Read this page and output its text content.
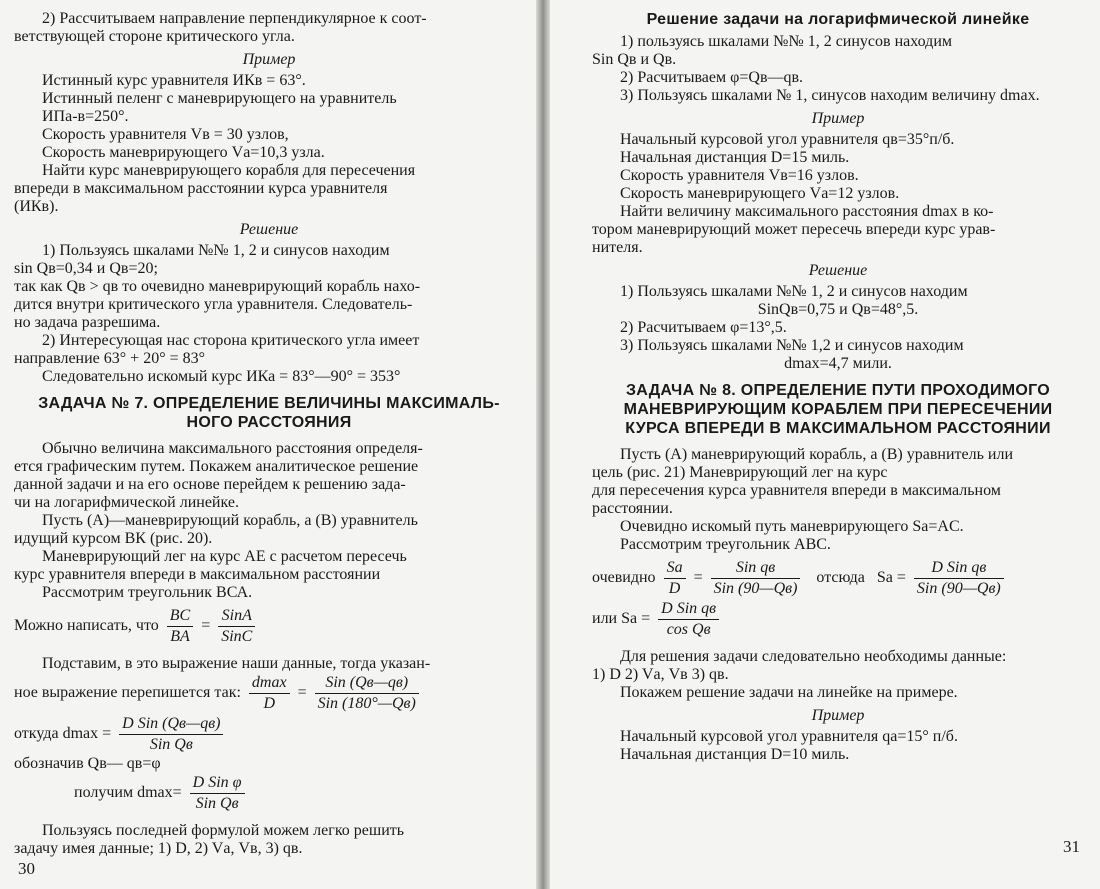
2) Рассчитываем направление перпендикулярное к соот-

ветствующей стороне критического угла.

Пример

Истинный курс уравнителя ИКв = 63°.

Истинный пеленг с маневрирующего на уравнитель

ИПа-в=250°.

Скорость уравнителя Vв = 30 узлов,

Скорость маневрирующего Vа=10,3 узла.

Найти курс маневрирующего корабля для пересечения

впереди в максимальном расстоянии курса уравнителя

(ИКв).

Решение

1) Пользуясь шкалами №№ 1, 2 и синусов находим

sin Qв=0,34 и Qв=20;

так как Qв > qв то очевидно маневрирующий корабль нахо-

дится внутри критического угла уравнителя. Следователь-

но задача разрешима.

2) Интересующая нас сторона критического угла имеет

направление 63° + 20° = 83°

Следовательно искомый курс ИКа = 83°—90° = 353°

ЗАДАЧА № 7. ОПРЕДЕЛЕНИЕ ВЕЛИЧИНЫ МАКСИМАЛЬ-

НОГО РАССТОЯНИЯ

Обычно величина максимального расстояния определя-

ется графическим путем. Покажем аналитическое решение

данной задачи и на его основе перейдем к решению зада-

чи на логарифмической линейке.

Пусть (А)—маневрирующий корабль, а (В) уравнитель

идущий курсом ВК (рис. 20).

Маневрирующий лег на курс АЕ с расчетом пересечь

курс уравнителя впереди в максимальном расстоянии

Рассмотрим треугольник ВСА.

Можно написать, что $\frac{BC}{BA} = \frac{\text{SinA}}{\text{SinC}}$

Подставим, в это выражение наши данные, тогда указан-

ное выражение перепишется так: $\frac{dmax}{D} = \frac{\text{Sin (Qв—qв)}}{\text{Sin (180°—Qв)}}$
откуда $dmax = \frac{\text{D Sin (Qв—qв)}}{\text{Sin Qв}}$

обозначив Qв— qв=φ

получим $dmax= \frac{\text{D Sin φ}}{\text{Sin Qв}}$

Пользуясь последней формулой можем легко решить

задачу имея данные; 1) D, 2) Vа, Vв, 3) qв.

30

Решение задачи на логарифмической линейке

1) пользуясь шкалами №№ 1, 2 синусов находим

Sin Qв и Qв.

2) Расчитываем φ=Qв—qв.

3) Пользуясь шкалами № 1, синусов находим величину dmax.

Пример

Начальный курсовой угол уравнителя qв=35°п/б.

Начальная дистанция D=15 миль.

Скорость уравнителя Vв=16 узлов.

Скорость маневрирующего Vа=12 узлов.

Найти величину максимального расстояния dmax в ко-

тором маневрирующий может пересечь впереди курс урав-

нителя.

Решение

1) Пользуясь шкалами №№ 1, 2 и синусов находим

SinQв=0,75 и Qв=48°,5.

2) Расчитываем φ=13°,5.

3) Пользуясь шкалами №№ 1,2 и синусов находим

dmax=4,7 мили.

ЗАДАЧА № 8. ОПРЕДЕЛЕНИЕ ПУТИ ПРОХОДИМОГО

МАНЕВРИРУЮЩИМ КОРАБЛЕМ ПРИ ПЕРЕСЕЧЕНИИ

КУРСА ВПЕРЕДИ В МАКСИМАЛЬНОМ РАССТОЯНИИ

Пусть (А) маневрирующий корабль, а (В) уравнитель или

цель (рис. 21) Маневрирующий лег на курс

для пересечения курса уравнителя впереди в максимальном

расстоянии.

Очевидно искомый путь маневрирующего Sa=AC.

Рассмотрим треугольник ABC.

очевидно $\frac{Sa}{D} = \frac{\text{Sin qв}}{\text{Sin (90—Qв)}}$ отсюда $Sa = \frac{\text{D Sin qв}}{\text{Sin (90—Qв)}}$
или $Sa = \frac{\text{D Sin qв}}{\text{cos Qв}}$

Для решения задачи следовательно необходимы данные:

1) D 2) Vа, Vв 3) qв.

Покажем решение задачи на линейке на примере.

Пример

Начальный курсовой угол уравнителя qа=15° п/б.

Начальная дистанция D=10 миль.

31
